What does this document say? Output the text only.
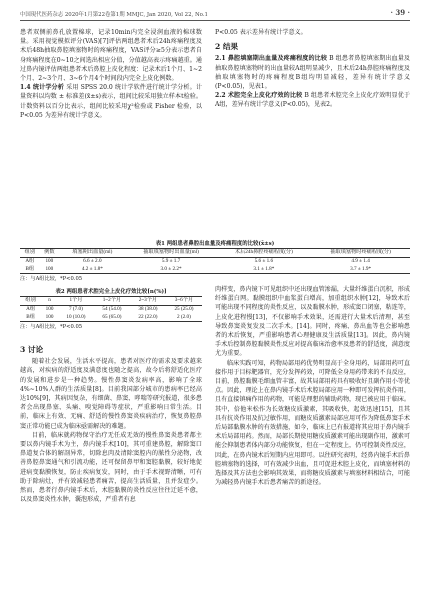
中国現代医药杂志 2020年1月第22卷第1期 MMJC, Jan 2020, Vol 22, No.1	· 39 ·

患者双侧前鼻孔放置棉球，记录10min内完全浸润血液的棉球数量。采用视觉模拟评分(VAS)[7]评估两组患者术后24h疼痛程度及术后48h抽取鼻腔填塞物时的疼痛程度，VAS评分≥5分表示患者自身疼痛程度在0~10之间选出相应分值，分值越高表示疼痛越重。通过鼻内镜评估两组患者术后鼻腔上皮化程度：记录术后1个月、1~2个月、2~3个月、3~6个月4个时间段内完全上皮化例数。

1.4 统计学分析 采用 SPSS 20.0 统计学软件进行统计学分析。计量资料以均数 ± 标准差(x̄±s)表示，组间比较采用独立样本t检验。计数资料以百分比表示，组间比较采用χ²检验或 Fisher 检验，以P<0.05 为差异有统计学意义。

P<0.05 表示差异有统计学意义。

2 结果

2.1 鼻腔填塞期出血量及疼痛程度的比较 B 组患者鼻腔填塞期出血量及抽取鼻腔填塞物时的出血量较A组明显减少，且术后24h鼻腔疼痛程度及抽取填塞物时的疼痛程度B组均明显减轻，差异有统计学意义(P<0.05)，见表1。

2.2 术腔完全上皮化疗效的比较 B 组患者术腔完全上皮化疗效明显优于A组，差异有统计学意义(P<0.05)，见表2。

表1 两组患者鼻腔出血量及疼痛程度的比较(x̄±s)
组别	例数	填塞期出血量(ml)	抽取填塞物时出血量(ml)	术后24h鼻腔疼痛程度(分)	抽取填塞物时疼痛程度(分)
A组	100	6.6 ± 2.0	5.9 ± 1.7	5.6 ± 1.6	4.9 ± 1.4
B组	100	4.2 ± 1.8*	3.0 ± 2.2*	3.1 ± 1.8*	3.7 ± 1.9*
注：与A组比较，*P<0.05
表2 两组患者术腔完全上皮化疗效比较[n(%)]
组别	n	1个月	1~2个月	2~3个月	3~6个月
A组	100	7 (7.0)	54 (54.0)	38 (38.0)	25 (25.0)
B组	100	10 (10.0)	65 (65.0)	22 (22.0)	2 (2.0)
注：与A组比较，*P<0.05
3 讨论

随着社会发展，生活水平提高，患者对医疗的需求及要求越来越高，对疾病的舒适度及满意度也随之提高，故今后将舒适化医疗的发展和进步是一种趋势。慢性鼻窦炎发病率高，影响了全球4%~10%人群的生活质量[8]。目前我国部分城市的患病率已经高达10%[9]，其病因复杂，有细菌、鼻窦、哮喘等研究报道，很多患者会出现鼻塞、头痛、嗅觉障碍等症状，严重影响日常生活。目前，临床上有效、无痛、舒适的慢性鼻窦炎疾病治疗，恢复鼻腔鼻窦正常功能已成为临床亟需解决的难题。

目前，临床就药物保守治疗无任成无效的慢性鼻窦炎患者都主要以鼻内镜手术为主，鼻内镜手术[10]，其可重建鼻腔，解除窦口鼻道复合体的解剖异常，切除息肉及清除窦腔内的脓性分泌物，改善鼻腔鼻窦通气和引流功能，还可保留鼻甲和窦腔黏膜，较好地促进病变黏膜恢复，防止疾病复发，同时，由于手术视野清晰，可有助于除病灶，并有效减轻患者痛苦，提高生活质量，且并发症少。然而，患者行鼻内镜手术后，术腔黏膜的炎性反应往往迁延不愈，以及鼻窦炎性水肿，囊泡形成，严重者有息

肉样变，鼻内镜下可见组织中还出现血管渗漏，大量纤维蛋白沉积，形成纤维蛋白网。黏膜组织中血浆蛋白增高，加重组织水肿[12]，导致术后可能出现不同程度的炎性反应，以及黏膜水肿，形成窦口闭塞，粘连等，上皮化进程慢[13]，不仅影响手术效果，还需进行大量术后清理，甚至导致鼻窦炎复发及二次手术。[14]。同时，疼痛、鼻出血等也会影响患者的术后恢复，严重影响患者心理健康及生活质量[13]。因此，鼻内镜手术后控制鼻腔黏膜炎性反应对提高临床治愈率及患者的舒适度，满意度尤为重要。

临床实践可知，药物局部用药优势明显高于全身用药，局部用药可直接作用于目标靶器官，充分发挥药效，可降低全身用药带来的不良反应，目前，鼻腔黏膜毛细血管丰富，故其局部用药具有吸收好且副作用小等优点。因此，理论上在鼻内镜手术后术腔局部应用一种即可发挥抗炎作用，且有直接镇痛作用的药物，可能是理想的辅助药物，现已被应用于临床。其中，倍他米松作为长效糖皮质激素，其吸收快，起效迅速[15]，且其具有抗炎作用及抗过敏作用，而糖皮质激素局部应用可作为降低鼻窦手术后局部黏膜水肿的有效措施，如今，临床上已有报道将其应用于鼻内镜手术后局部用药。然而，局部长期使用糖皮质激素可能出现副作用，激素可能会抑制患者体内部分功能恢复，但在一定程度上，仍可控制炎性反应，因此，在鼻内镜术后短期内应用即可。以往研究表明，经鼻内镜手术后鼻腔填塞物的选择，可有效减少出血，且可促进术腔上皮化，而填塞材料的选择及其方法也会影响其效果，而将糖皮质激素与填塞材料相结合，可能为减轻鼻内镜手术后患者痛苦的新途径。
